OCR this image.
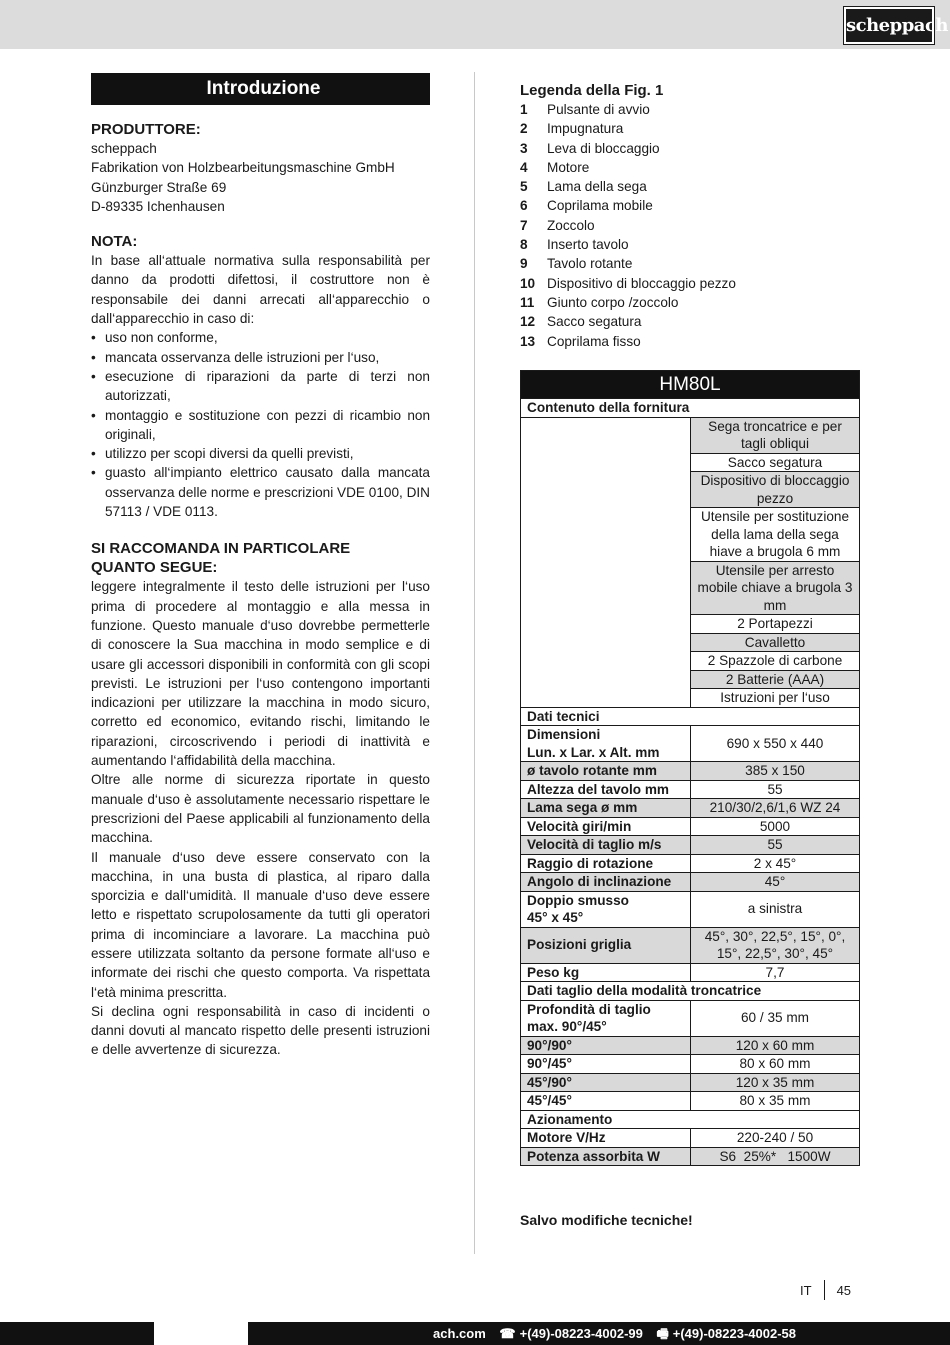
scheppach
Introduzione
PRODUTTORE:
scheppach
Fabrikation von Holzbearbeitungsmaschine GmbH
Günzburger Straße 69
D-89335 Ichenhausen
NOTA:
In base all‘attuale normativa sulla responsabilità per danno da prodotti difettosi, il costruttore non è responsabile dei danni arrecati all‘apparecchio o dall‘apparecchio in caso di:
• uso non conforme,
• mancata osservanza delle istruzioni per l‘uso,
• esecuzione di riparazioni da parte di terzi non autorizzati,
• montaggio e sostituzione con pezzi di ricambio non originali,
• utilizzo per scopi diversi da quelli previsti,
• guasto all‘impianto elettrico causato dalla mancata osservanza delle norme e prescrizioni VDE 0100, DIN 57113 / VDE 0113.
SI RACCOMANDA IN PARTICOLARE
QUANTO SEGUE:
leggere integralmente il testo delle istruzioni per l‘uso prima di procedere al montaggio e alla messa in funzione. Questo manuale d‘uso dovrebbe permetterle di conoscere la Sua macchina in modo semplice e di usare gli accessori disponibili in conformità con gli scopi previsti. Le istruzioni per l‘uso contengono importanti indicazioni per utilizzare la macchina in modo sicuro, corretto ed economico, evitando rischi, limitando le riparazioni, circoscrivendo i periodi di inattività e aumentando l‘affidabilità della macchina.
Oltre alle norme di sicurezza riportate in questo manuale d‘uso è assolutamente necessario rispettare le prescrizioni del Paese applicabili al funzionamento della macchina.
Il manuale d‘uso deve essere conservato con la macchina, in una busta di plastica, al riparo dalla sporcizia e dall‘umidità. Il manuale d‘uso deve essere letto e rispettato scrupolosamente da tutti gli operatori prima di incominciare a lavorare. La macchina può essere utilizzata soltanto da persone formate all‘uso e informate dei rischi che questo comporta. Va rispettata l‘età minima prescritta.
Si declina ogni responsabilità in caso di incidenti o danni dovuti al mancato rispetto delle presenti istruzioni e delle avvertenze di sicurezza.
Legenda della Fig. 1
1	Pulsante di avvio
2	Impugnatura
3	Leva di bloccaggio
4	Motore
5	Lama della sega
6	Coprilama mobile
7	Zoccolo
8	Inserto tavolo
9	Tavolo rotante
10 Dispositivo di bloccaggio pezzo
11 Giunto corpo /zoccolo
12 Sacco segatura
13 Coprilama fisso
HM80L	
Contenuto della fornitura	
	Sega troncatrice e per tagli obliqui
	Sacco segatura
	Dispositivo di bloccaggio pezzo
	Utensile per sostituzione della lama della sega hiave a brugola 6 mm
	Utensile per arresto mobile chiave a brugola 3 mm
	2 Portapezzi
	Cavalletto
	2 Spazzole di carbone
	2 Batterie (AAA)
	Istruzioni per l‘uso
Dati tecnici	
Dimensioni
Lun. x Lar. x Alt. mm	690 x 550 x 440
ø tavolo rotante mm	385 x 150
Altezza del tavolo mm	55
Lama sega ø mm	210/30/2,6/1,6 WZ 24
Velocità giri/min	5000
Velocità di taglio m/s	55
Raggio di rotazione	2 x 45°
Angolo di inclinazione	45°
Doppio smusso
45° x 45°	a sinistra
Posizioni griglia	45°, 30°, 22,5°, 15°, 0°, 15°, 22,5°, 30°, 45°
Peso kg	7,7
Dati taglio della modalità troncatrice	
Profondità di taglio
max. 90°/45°	60 / 35 mm
90°/90°	120 x 60 mm
90°/45°	80 x 60 mm
45°/90°	120 x 35 mm
45°/45°	80 x 35 mm
Azionamento	
Motore V/Hz	220-240 / 50
Potenza assorbita W	S6  25%*   1500W
Salvo modifiche tecniche!
IT 45
ach.com ☎ +(49)-08223-4002-99 🖷 +(49)-08223-4002-58
